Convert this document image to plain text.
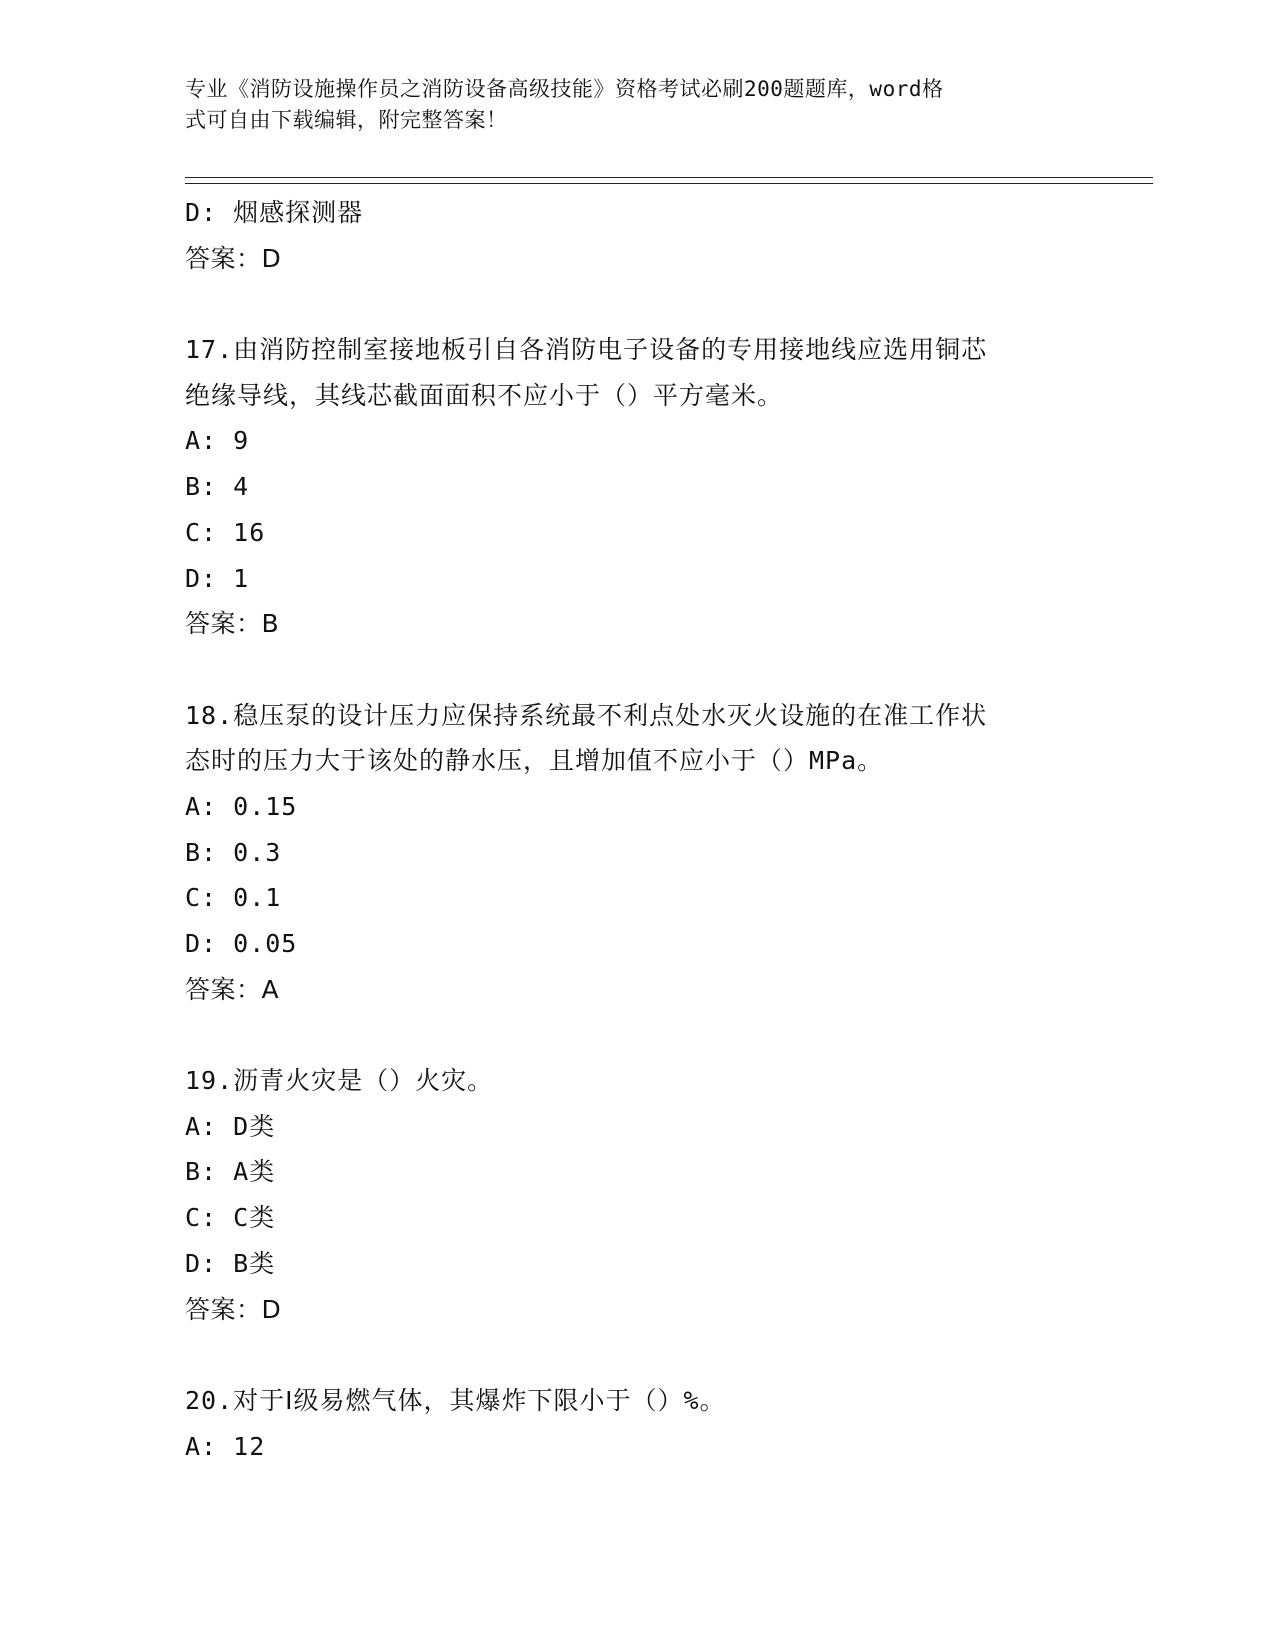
专业《消防设施操作员之消防设备高级技能》资格考试必刷200题题库，word格
式可自由下载编辑，附完整答案！
D: 烟感探测器
答案：D
17.由消防控制室接地板引自各消防电子设备的专用接地线应选用铜芯
绝缘导线，其线芯截面面积不应小于（）平方毫米。
A: 9
B: 4
C: 16
D: 1
答案：B
18.稳压泵的设计压力应保持系统最不利点处水灭火设施的在准工作状
态时的压力大于该处的静水压，且增加值不应小于（）MPa。
A: 0.15
B: 0.3
C: 0.1
D: 0.05
答案：A
19.沥青火灾是（）火灾。
A: D类
B: A类
C: C类
D: B类
答案：D
20.对于Ⅰ级易燃气体，其爆炸下限小于（）%。
A: 12
